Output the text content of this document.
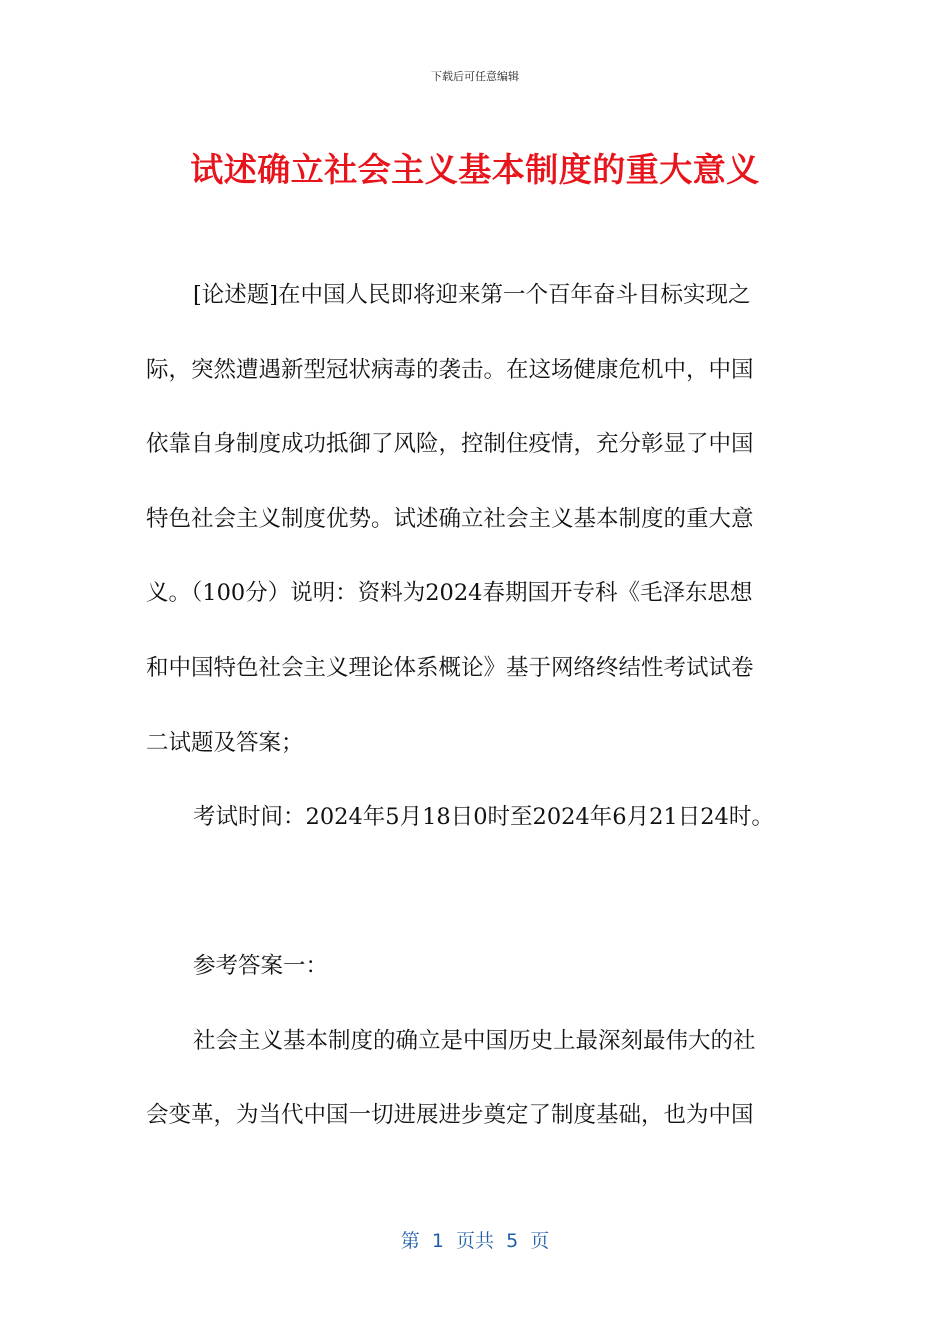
下载后可任意编辑
试述确立社会主义基本制度的重大意义
[论述题]在中国人民即将迎来第一个百年奋斗目标实现之
际，突然遭遇新型冠状病毒的袭击。在这场健康危机中，中国
依靠自身制度成功抵御了风险，控制住疫情，充分彰显了中国
特色社会主义制度优势。试述确立社会主义基本制度的重大意
义。（100分）说明：资料为2024春期国开专科《毛泽东思想
和中国特色社会主义理论体系概论》基于网络终结性考试试卷
二试题及答案；
考试时间：2024年5月18日0时至2024年6月21日24时。
参考答案一：
社会主义基本制度的确立是中国历史上最深刻最伟大的社
会变革，为当代中国一切进展进步奠定了制度基础，也为中国
第  1  页共  5  页
